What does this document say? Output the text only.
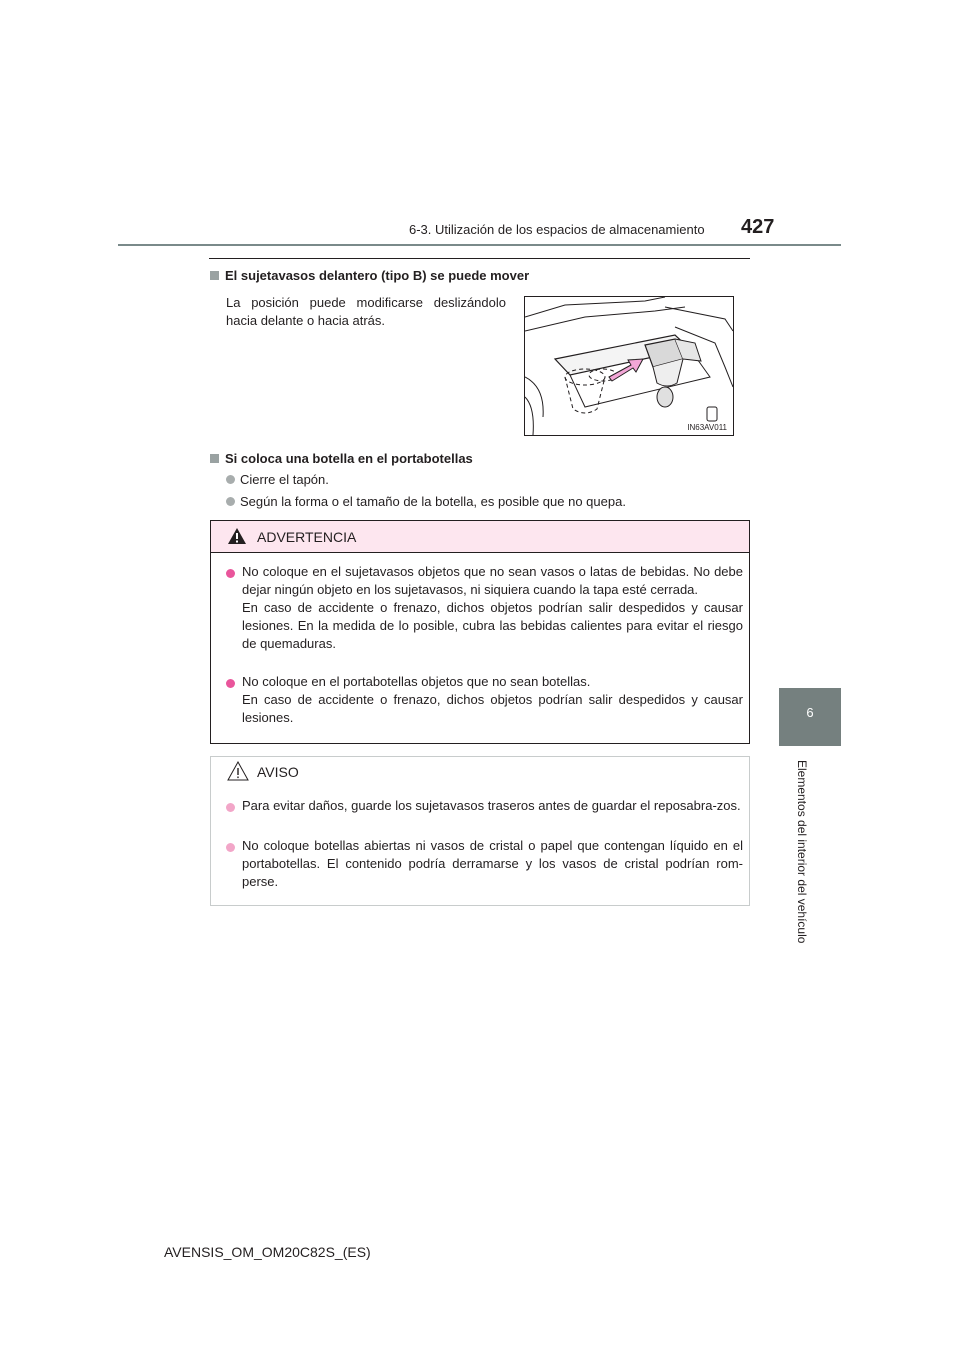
6-3. Utilización de los espacios de almacenamiento 427
6
Elementos del interior del vehículo
El sujetavasos delantero (tipo B) se puede mover
La posición puede modificarse deslizándolo hacia delante o hacia atrás.
IN63AV011
Si coloca una botella en el portabotellas
Cierre el tapón.
Según la forma o el tamaño de la botella, es posible que no quepa.
ADVERTENCIA
No coloque en el sujetavasos objetos que no sean vasos o latas de bebidas. No debe dejar ningún objeto en los sujetavasos, ni siquiera cuando la tapa esté cerrada.
En caso de accidente o frenazo, dichos objetos podrían salir despedidos y causar lesiones. En la medida de lo posible, cubra las bebidas calientes para evitar el riesgo de quemaduras.
No coloque en el portabotellas objetos que no sean botellas.
En caso de accidente o frenazo, dichos objetos podrían salir despedidos y causar lesiones.
AVISO
Para evitar daños, guarde los sujetavasos traseros antes de guardar el reposabra-zos.
No coloque botellas abiertas ni vasos de cristal o papel que contengan líquido en el portabotellas. El contenido podría derramarse y los vasos de cristal podrían rom-perse.
AVENSIS_OM_OM20C82S_(ES)
